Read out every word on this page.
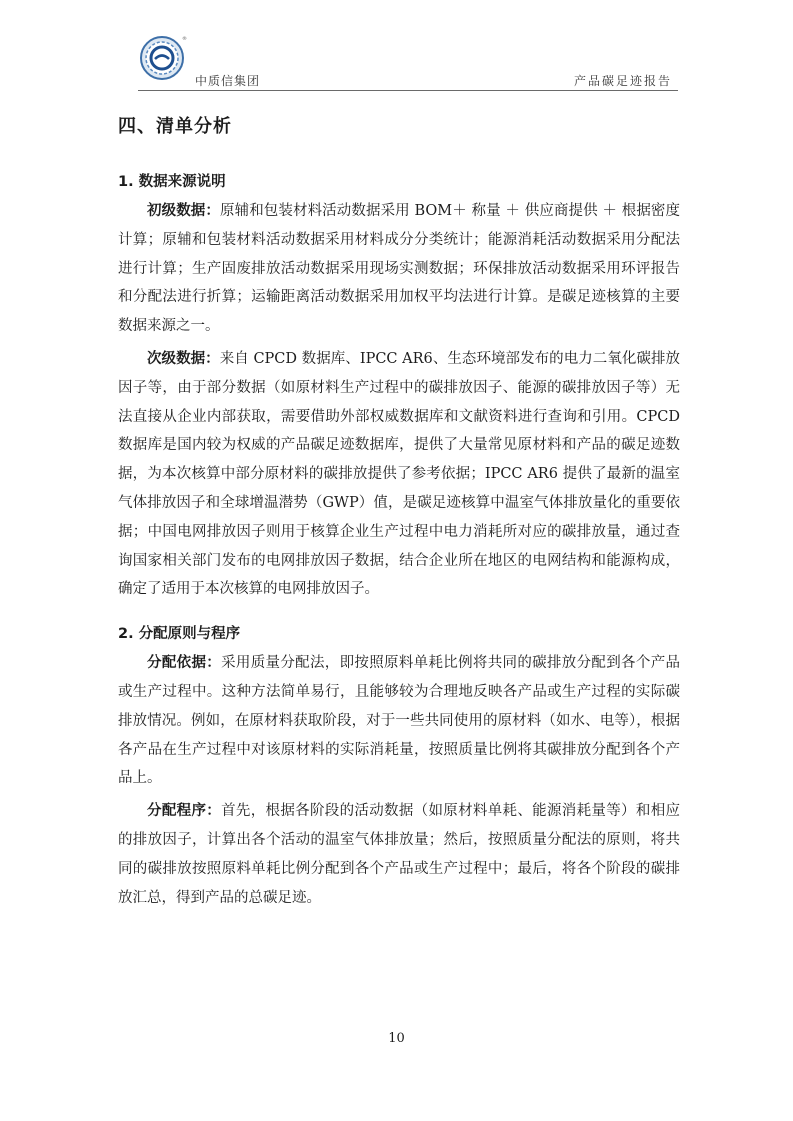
®
中质信集团	产品碳足迹报告
四、清单分析
1. 数据来源说明

初级数据：原辅和包装材料活动数据采用 BOM＋ 称量 ＋ 供应商提供 ＋ 根据密度计算；原辅和包装材料活动数据采用材料成分分类统计；能源消耗活动数据采用分配法进行计算；生产固废排放活动数据采用现场实测数据；环保排放活动数据采用环评报告和分配法进行折算；运输距离活动数据采用加权平均法进行计算。是碳足迹核算的主要数据来源之一。

次级数据：来自 CPCD 数据库、IPCC AR6、生态环境部发布的电力二氧化碳排放因子等，由于部分数据（如原材料生产过程中的碳排放因子、能源的碳排放因子等）无法直接从企业内部获取，需要借助外部权威数据库和文献资料进行查询和引用。CPCD 数据库是国内较为权威的产品碳足迹数据库，提供了大量常见原材料和产品的碳足迹数据，为本次核算中部分原材料的碳排放提供了参考依据；IPCC AR6 提供了最新的温室气体排放因子和全球增温潜势（GWP）值，是碳足迹核算中温室气体排放量化的重要依据；中国电网排放因子则用于核算企业生产过程中电力消耗所对应的碳排放量，通过查询国家相关部门发布的电网排放因子数据，结合企业所在地区的电网结构和能源构成，确定了适用于本次核算的电网排放因子。

2. 分配原则与程序

分配依据：采用质量分配法，即按照原料单耗比例将共同的碳排放分配到各个产品或生产过程中。这种方法简单易行，且能够较为合理地反映各产品或生产过程的实际碳排放情况。例如，在原材料获取阶段，对于一些共同使用的原材料（如水、电等），根据各产品在生产过程中对该原材料的实际消耗量，按照质量比例将其碳排放分配到各个产品上。

分配程序：首先，根据各阶段的活动数据（如原材料单耗、能源消耗量等）和相应的排放因子，计算出各个活动的温室气体排放量；然后，按照质量分配法的原则，将共同的碳排放按照原料单耗比例分配到各个产品或生产过程中；最后，将各个阶段的碳排放汇总，得到产品的总碳足迹。

10
